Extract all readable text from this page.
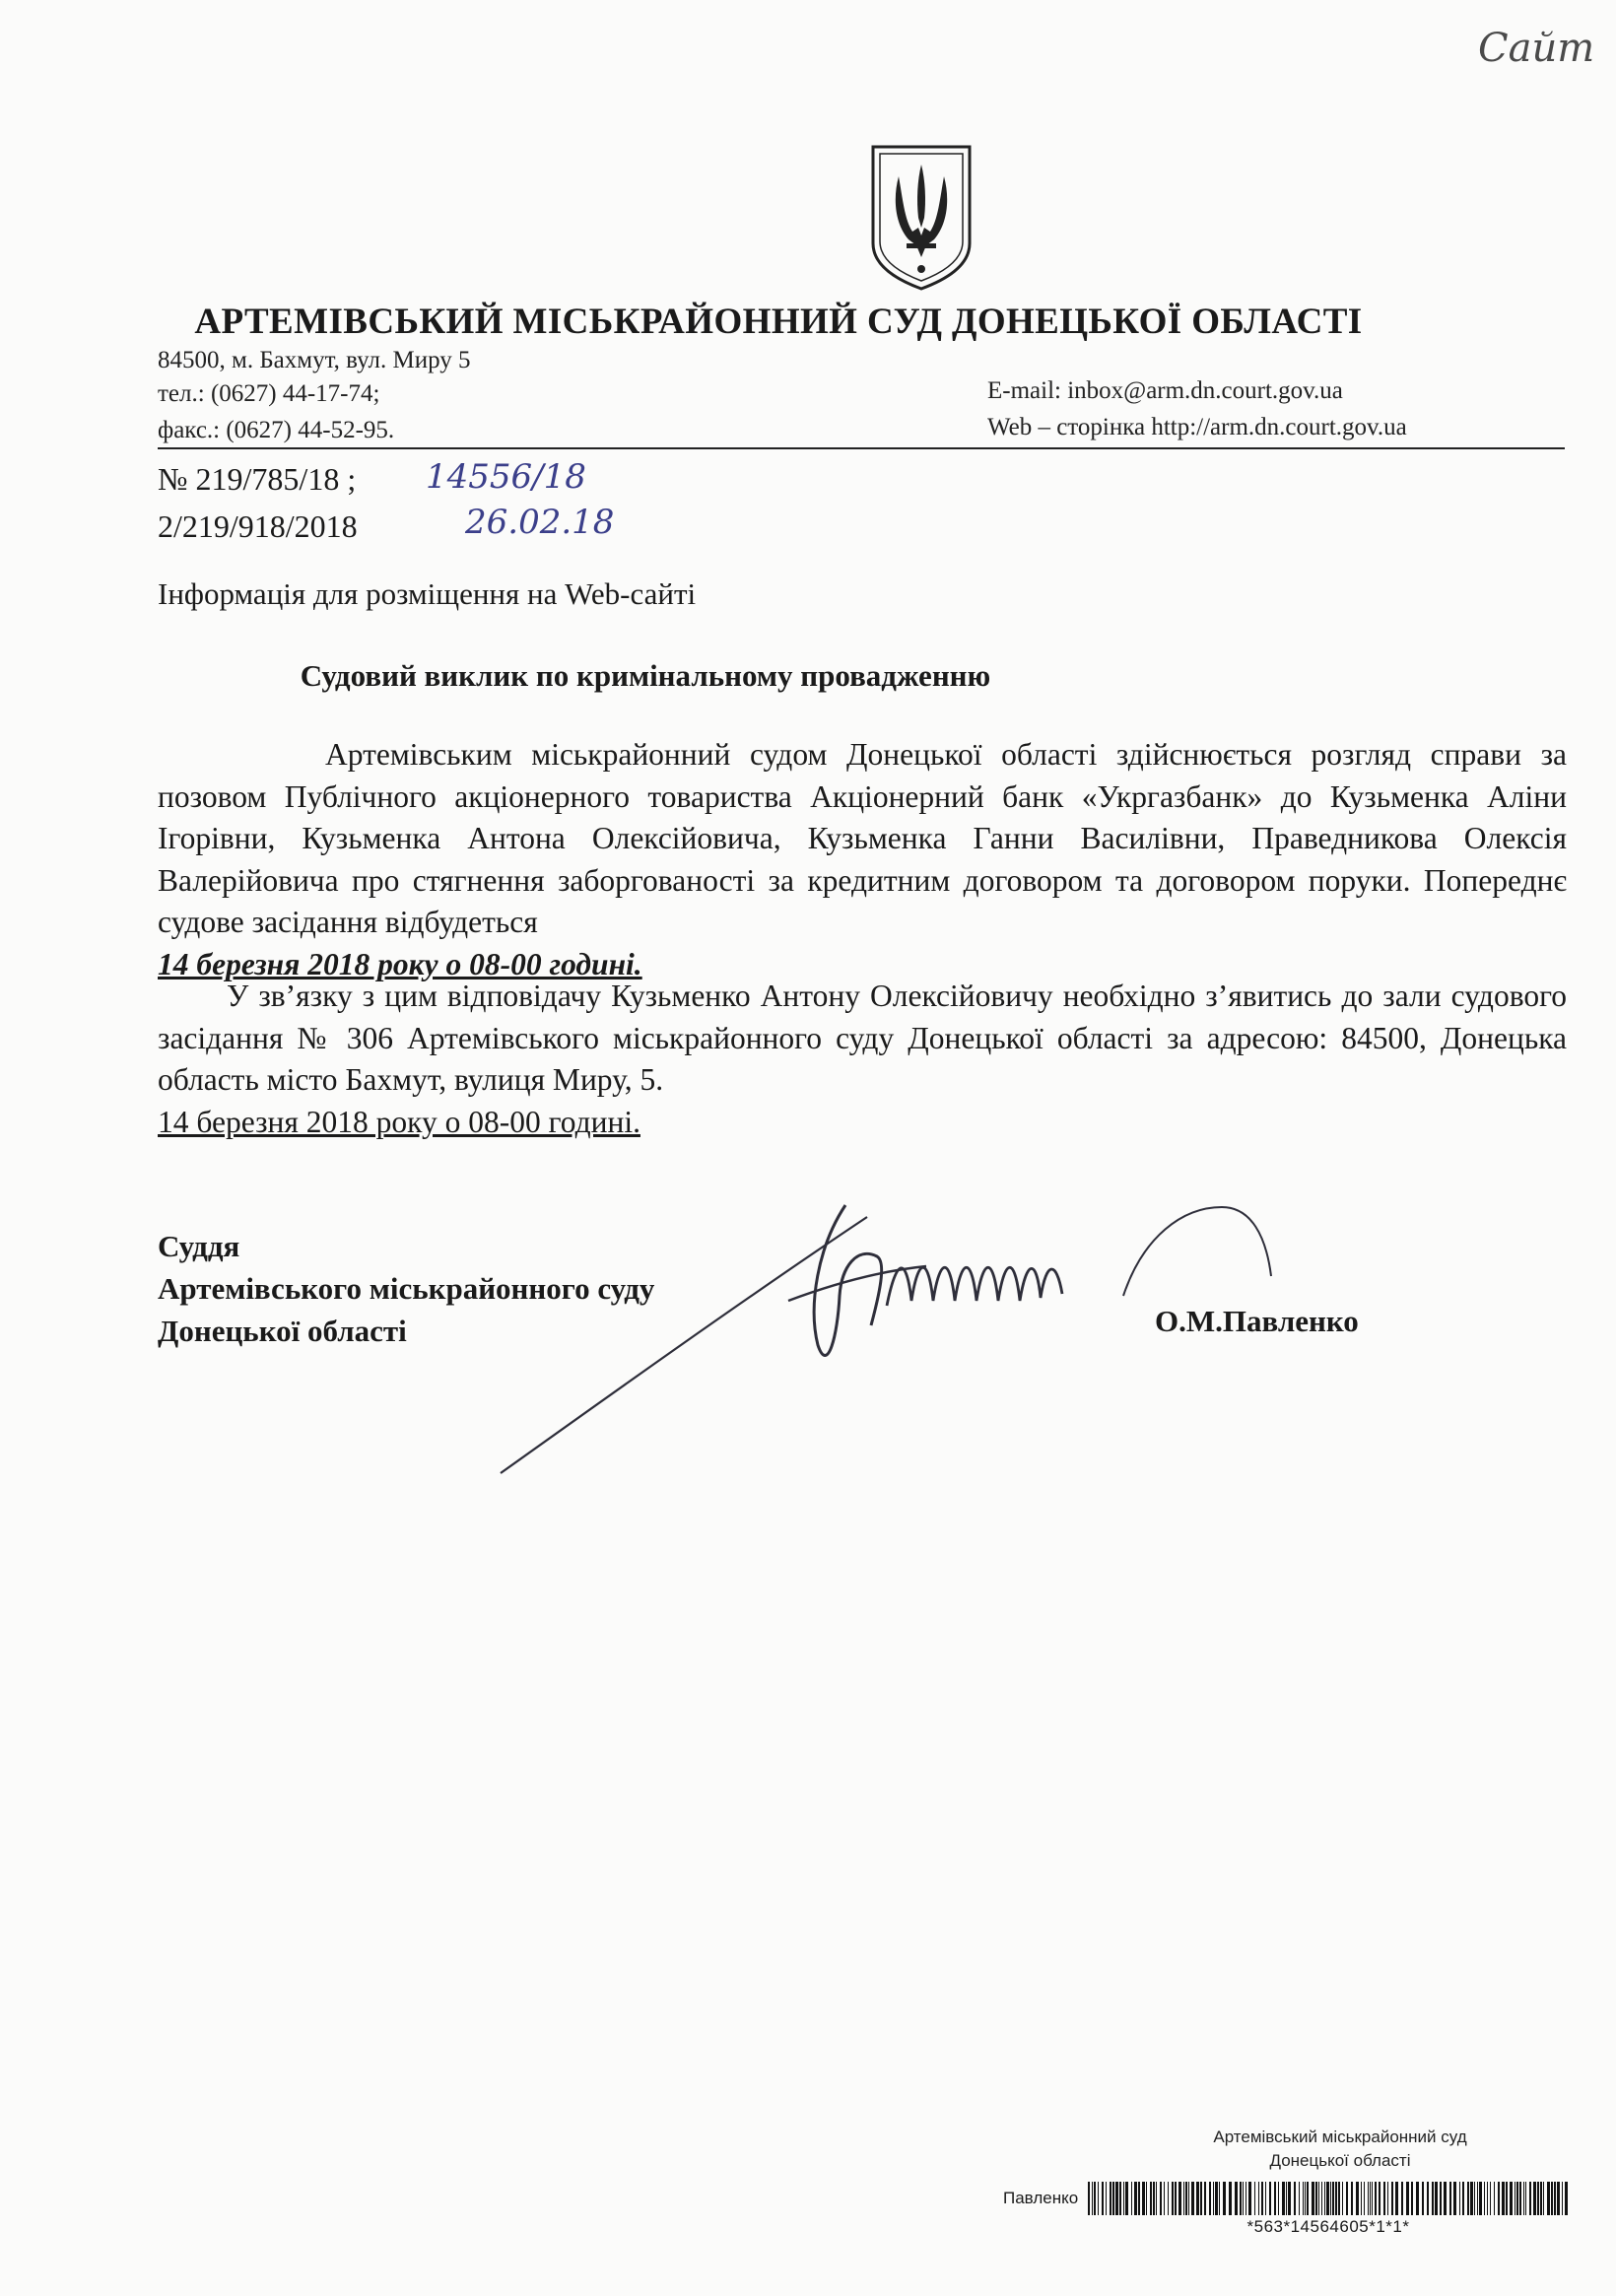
Сайт
АРТЕМІВСЬКИЙ МІСЬКРАЙОННИЙ СУД ДОНЕЦЬКОЇ ОБЛАСТІ
84500, м. Бахмут, вул. Миру 5
тел.: (0627) 44-17-74;
факс.: (0627) 44-52-95.
E-mail: inbox@arm.dn.court.gov.ua
Web – сторінка http://arm.dn.court.gov.ua
№ 219/785/18 ;
2/219/918/2018
14556/18
26.02.18
Інформація для розміщення на Web-сайті
Судовий виклик по кримінальному провадженню
Артемівським міськрайонний судом Донецької області здійснюється розгляд справи за позовом Публічного акціонерного товариства Акціонерний банк «Укргазбанк» до Кузьменка Аліни Ігорівни, Кузьменка Антона Олексійовича, Кузьменка Ганни Василівни, Праведникова Олексія Валерійовича про стягнення заборгованості за кредитним договором та договором поруки. Попереднє судове засідання відбудеться
14 березня 2018 року о 08-00 годині.
У зв’язку з цим відповідачу Кузьменко Антону Олексійовичу необхідно з’явитись до зали судового засідання № 306 Артемівського міськрайонного суду Донецької області за адресою: 84500, Донецька область місто Бахмут, вулиця Миру, 5.
14 березня 2018 року о 08-00 годині.
Суддя
Артемівського міськрайонного суду
Донецької області	О.М.Павленко
Артемівський міськрайонний суд
Донецької області
Павленко
*563*14564605*1*1*
